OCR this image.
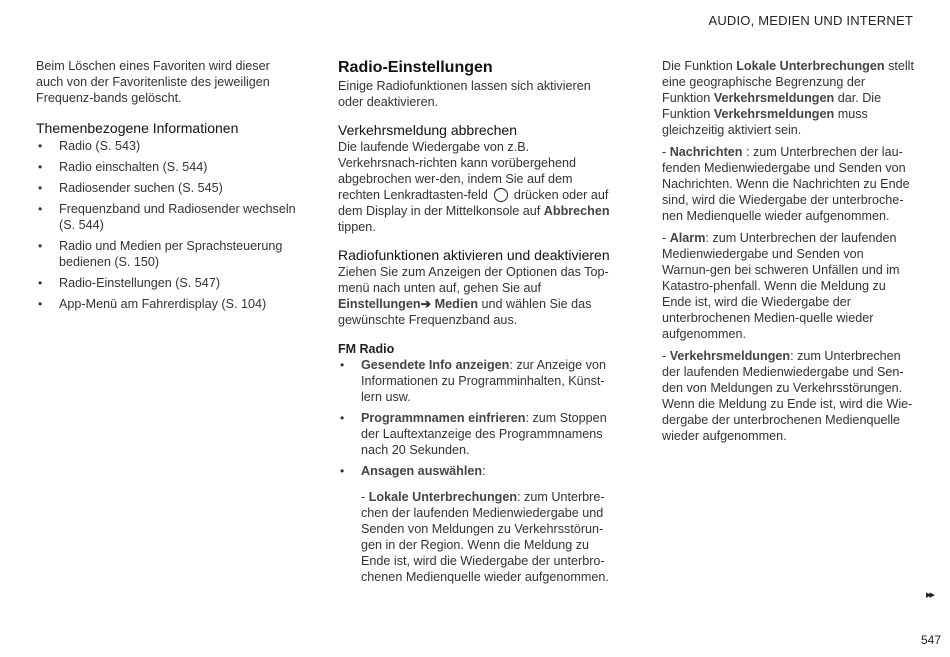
AUDIO, MEDIEN UND INTERNET

Beim Löschen eines Favoriten wird dieser auch von der Favoritenliste des jeweiligen Frequenz-bands gelöscht.

Themenbezogene Informationen
• Radio (S. 543)
• Radio einschalten (S. 544)
• Radiosender suchen (S. 545)
• Frequenzband und Radiosender wechseln (S. 544)
• Radio und Medien per Sprachsteuerung bedienen (S. 150)
• Radio-Einstellungen (S. 547)
• App-Menü am Fahrerdisplay (S. 104)
Radio-Einstellungen

Einige Radiofunktionen lassen sich aktivieren oder deaktivieren.

Verkehrsmeldung abbrechen

Die laufende Wiedergabe von z.B. Verkehrsnach-richten kann vorübergehend abgebrochen wer-den, indem Sie auf dem rechten Lenkradtasten-feld drücken oder auf dem Display in der Mittelkonsole auf Abbrechen tippen.

Radiofunktionen aktivieren und deaktivieren

Ziehen Sie zum Anzeigen der Optionen das Top-menü nach unten auf, gehen Sie auf Einstellungen➔ Medien und wählen Sie das gewünschte Frequenzband aus.

FM Radio
• Gesendete Info anzeigen: zur Anzeige von Informationen zu Programminhalten, Künst-lern usw.
• Programmnamen einfrieren: zum Stoppen der Lauftextanzeige des Programmnamens nach 20 Sekunden.
• Ansagen auswählen:

- Lokale Unterbrechungen: zum Unterbre-chen der laufenden Medienwiedergabe und Senden von Meldungen zu Verkehrsstörun-gen in der Region. Wenn die Meldung zu Ende ist, wird die Wiedergabe der unterbro-chenen Medienquelle wieder aufgenommen.

Die Funktion Lokale Unterbrechungen stellt eine geographische Begrenzung der Funktion Verkehrsmeldungen dar. Die Funktion Verkehrsmeldungen muss gleichzeitig aktiviert sein.

- Nachrichten : zum Unterbrechen der lau-fenden Medienwiedergabe und Senden von Nachrichten. Wenn die Nachrichten zu Ende sind, wird die Wiedergabe der unterbroche-nen Medienquelle wieder aufgenommen.

- Alarm: zum Unterbrechen der laufenden Medienwiedergabe und Senden von Warnun-gen bei schweren Unfällen und im Katastro-phenfall. Wenn die Meldung zu Ende ist, wird die Wiedergabe der unterbrochenen Medien-quelle wieder aufgenommen.

- Verkehrsmeldungen: zum Unterbrechen der laufenden Medienwiedergabe und Sen-den von Meldungen zu Verkehrsstörungen. Wenn die Meldung zu Ende ist, wird die Wie-dergabe der unterbrochenen Medienquelle wieder aufgenommen.

▸▸
547
